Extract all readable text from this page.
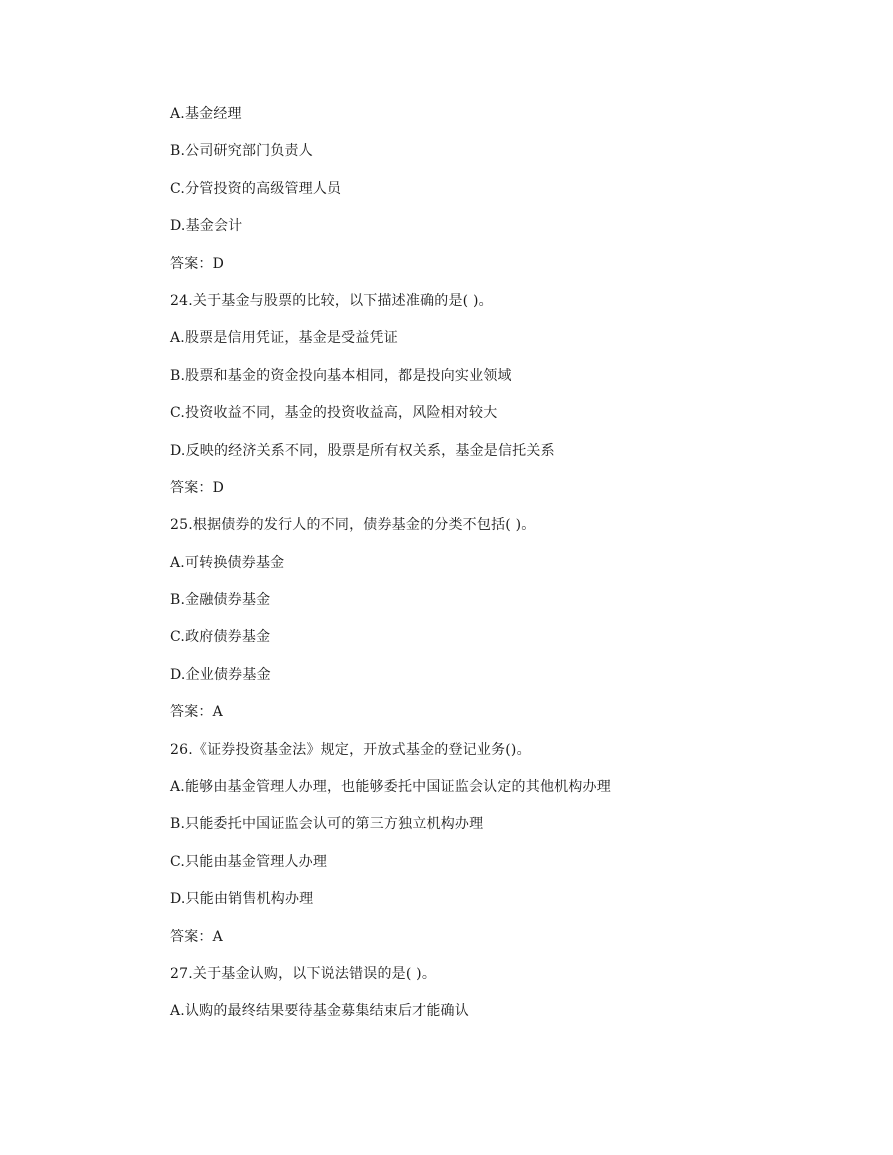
A.基金经理
B.公司研究部门负责人
C.分管投资的高级管理人员
D.基金会计
答案：D
24.关于基金与股票的比较，以下描述准确的是( )。
A.股票是信用凭证，基金是受益凭证
B.股票和基金的资金投向基本相同，都是投向实业领域
C.投资收益不同，基金的投资收益高，风险相对较大
D.反映的经济关系不同，股票是所有权关系，基金是信托关系
答案：D
25.根据债券的发行人的不同，债券基金的分类不包括( )。
A.可转换债券基金
B.金融债券基金
C.政府债券基金
D.企业债券基金
答案：A
26.《证券投资基金法》规定，开放式基金的登记业务()。
A.能够由基金管理人办理，也能够委托中国证监会认定的其他机构办理
B.只能委托中国证监会认可的第三方独立机构办理
C.只能由基金管理人办理
D.只能由销售机构办理
答案：A
27.关于基金认购，以下说法错误的是( )。
A.认购的最终结果要待基金募集结束后才能确认
